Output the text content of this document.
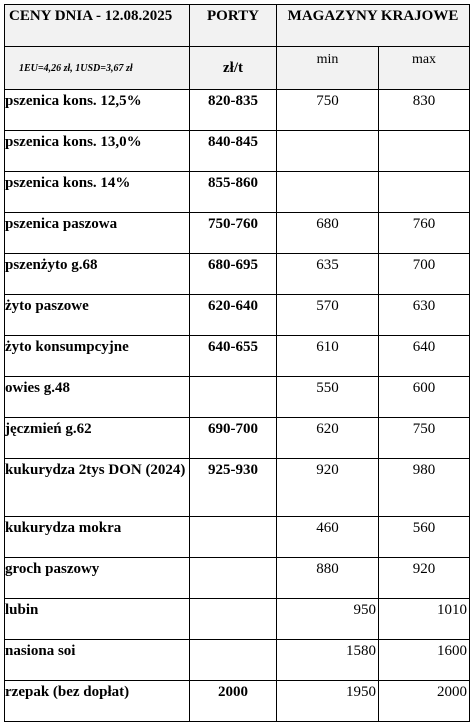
CENY DNIA - 12.08.2025	PORTY	MAGAZYNY KRAJOWE	
1EU=4,26 zł, 1USD=3,67 zł	zł/t	min	max
pszenica kons. 12,5%	820-835	750	830
pszenica kons. 13,0%	840-845		
pszenica kons. 14%	855-860		
pszenica paszowa	750-760	680	760
pszenżyto g.68	680-695	635	700
żyto paszowe	620-640	570	630
żyto konsumpcyjne	640-655	610	640
owies g.48		550	600
jęczmień g.62	690-700	620	750
kukurydza 2tys DON (2024)	925-930	920	980
kukurydza mokra		460	560
groch paszowy		880	920
lubin		950	1010
nasiona soi		1580	1600
rzepak (bez dopłat)	2000	1950	2000
